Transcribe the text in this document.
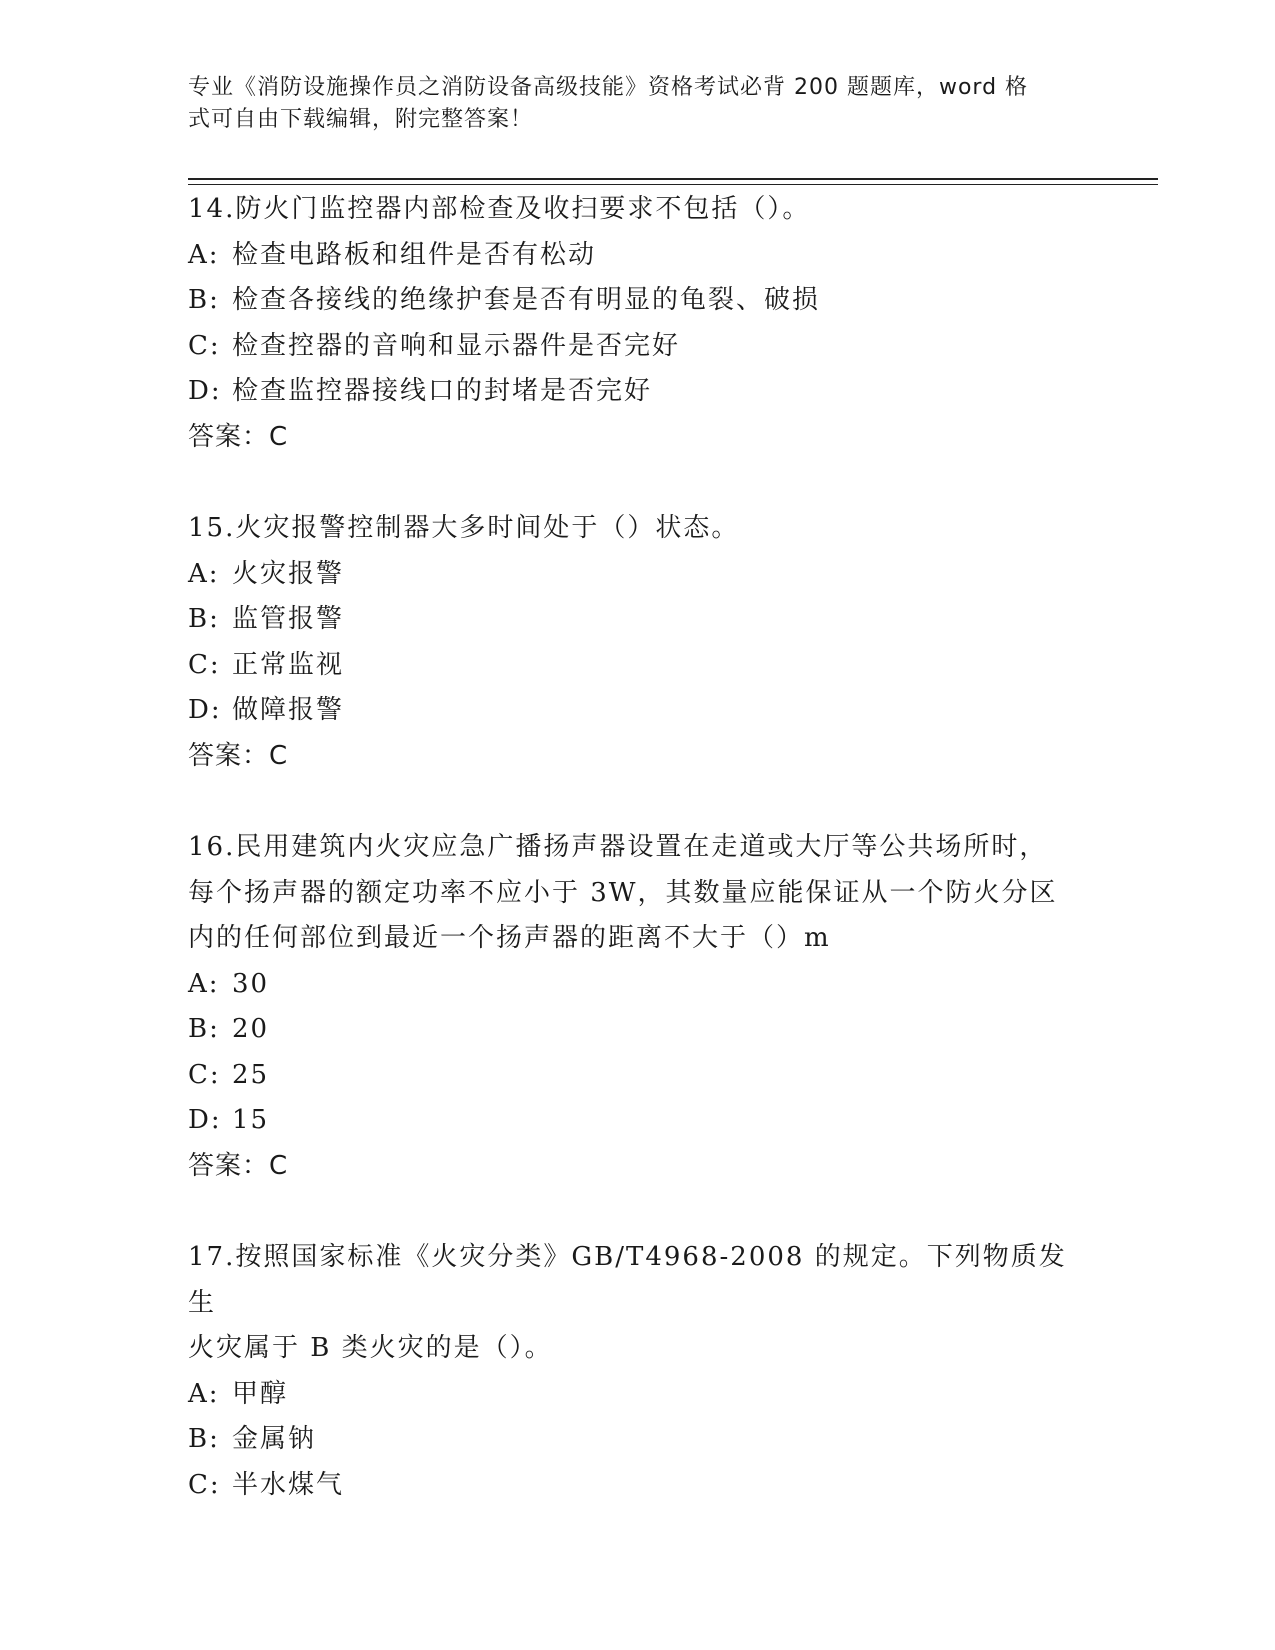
专业《消防设施操作员之消防设备高级技能》资格考试必背 200 题题库，word 格
式可自由下载编辑，附完整答案！
14.防火门监控器内部检查及收扫要求不包括（）。
A: 检查电路板和组件是否有松动
B: 检查各接线的绝缘护套是否有明显的龟裂、破损
C: 检查控器的音响和显示器件是否完好
D: 检查监控器接线口的封堵是否完好
答案：C
15.火灾报警控制器大多时间处于（）状态。
A: 火灾报警
B: 监管报警
C: 正常监视
D: 做障报警
答案：C
16.民用建筑内火灾应急广播扬声器设置在走道或大厅等公共场所时，
每个扬声器的额定功率不应小于 3W，其数量应能保证从一个防火分区
内的任何部位到最近一个扬声器的距离不大于（）m
A: 30
B: 20
C: 25
D: 15
答案：C
17.按照国家标准《火灾分类》GB/T4968-2008 的规定。下列物质发生
火灾属于 B 类火灾的是（）。
A: 甲醇
B: 金属钠
C: 半水煤气
